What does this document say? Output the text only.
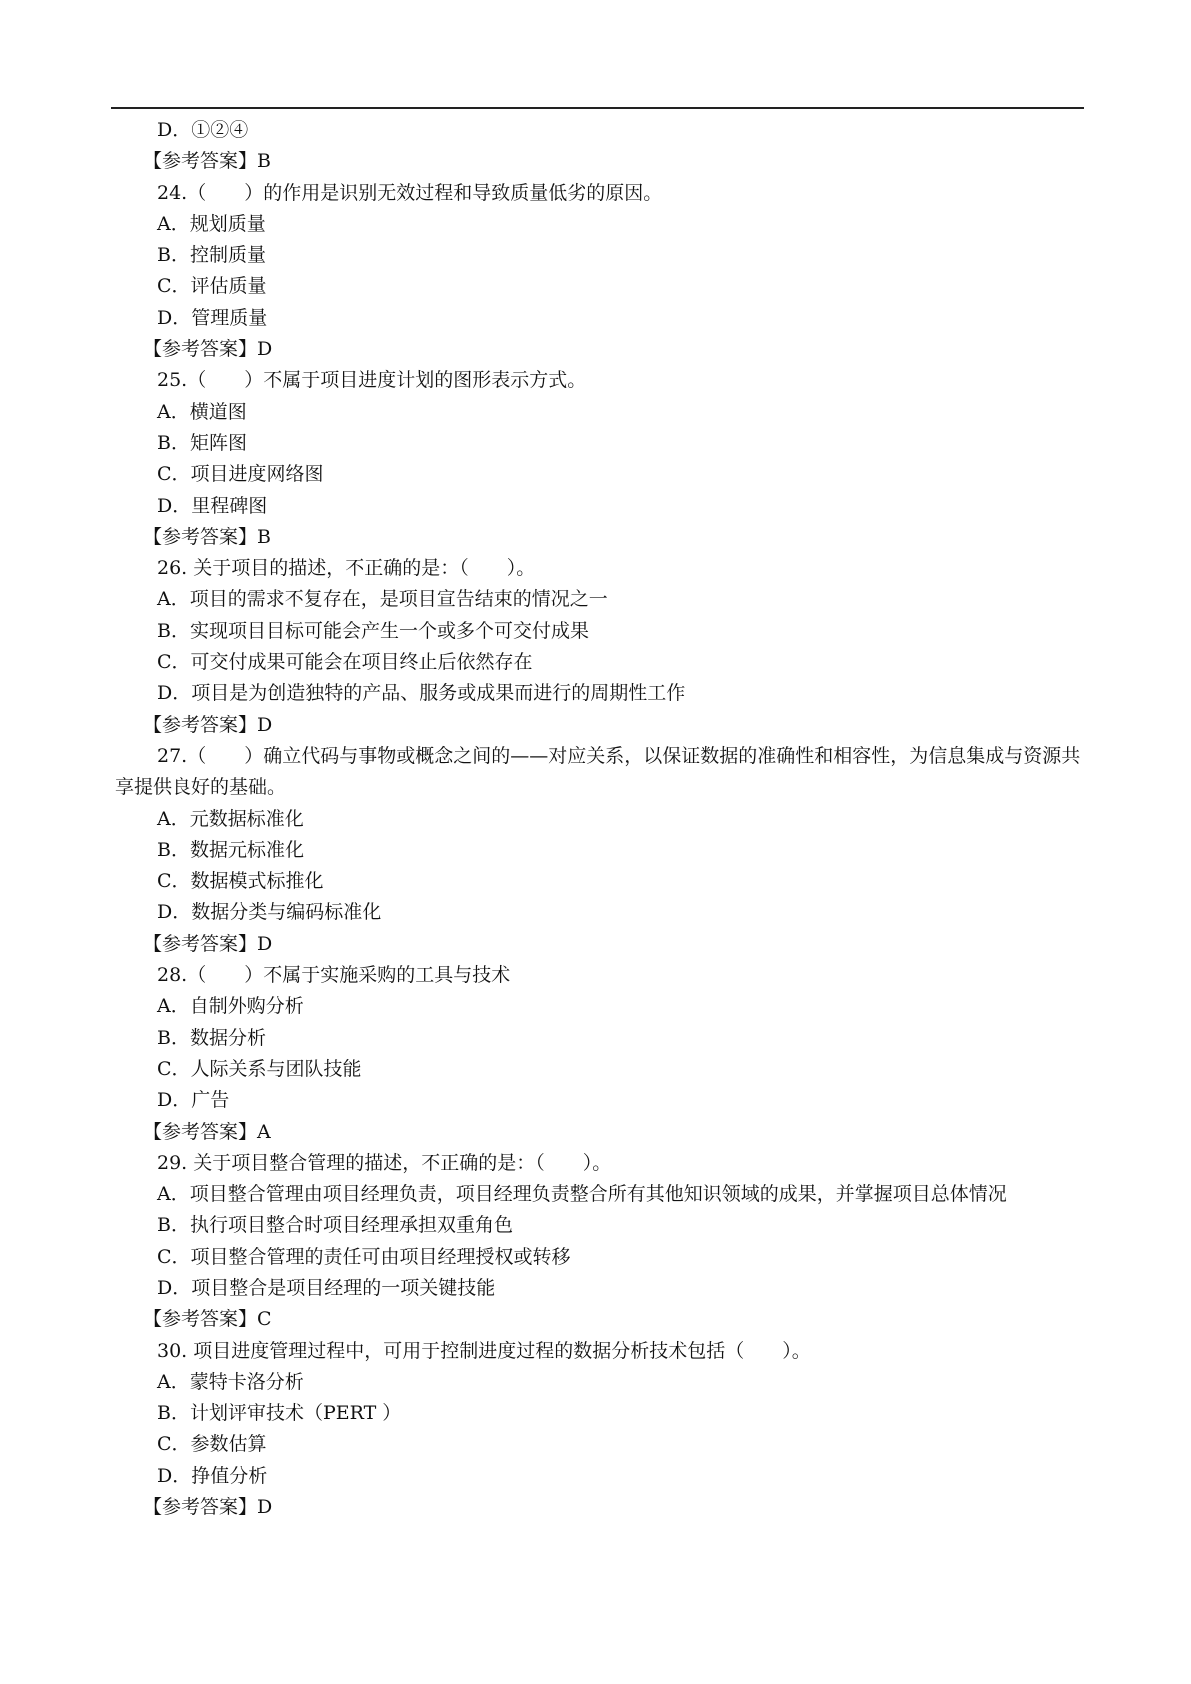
D．①②④
【参考答案】B
24.（　　）的作用是识别无效过程和导致质量低劣的原因。
A．规划质量
B．控制质量
C．评估质量
D．管理质量
【参考答案】D
25.（　　）不属于项目进度计划的图形表示方式。
A．横道图
B．矩阵图
C．项目进度网络图
D．里程碑图
【参考答案】B
26. 关于项目的描述，不正确的是：（　　）。
A．项目的需求不复存在，是项目宣告结束的情况之一
B．实现项目目标可能会产生一个或多个可交付成果
C．可交付成果可能会在项目终止后依然存在
D．项目是为创造独特的产品、服务或成果而进行的周期性工作
【参考答案】D
27.（　　）确立代码与事物或概念之间的——对应关系，以保证数据的准确性和相容性，为信息集成与资源共享提供良好的基础。
A．元数据标准化
B．数据元标准化
C．数据模式标推化
D．数据分类与编码标准化
【参考答案】D
28.（　　）不属于实施采购的工具与技术
A．自制外购分析
B．数据分析
C．人际关系与团队技能
D．广告
【参考答案】A
29. 关于项目整合管理的描述，不正确的是：（　　）。
A．项目整合管理由项目经理负责，项目经理负责整合所有其他知识领域的成果，并掌握项目总体情况
B．执行项目整合时项目经理承担双重角色
C．项目整合管理的责任可由项目经理授权或转移
D．项目整合是项目经理的一项关键技能
【参考答案】C
30. 项目进度管理过程中，可用于控制进度过程的数据分析技术包括（　　）。
A．蒙特卡洛分析
B．计划评审技术（PERT ）
C．参数估算
D．挣值分析
【参考答案】D
